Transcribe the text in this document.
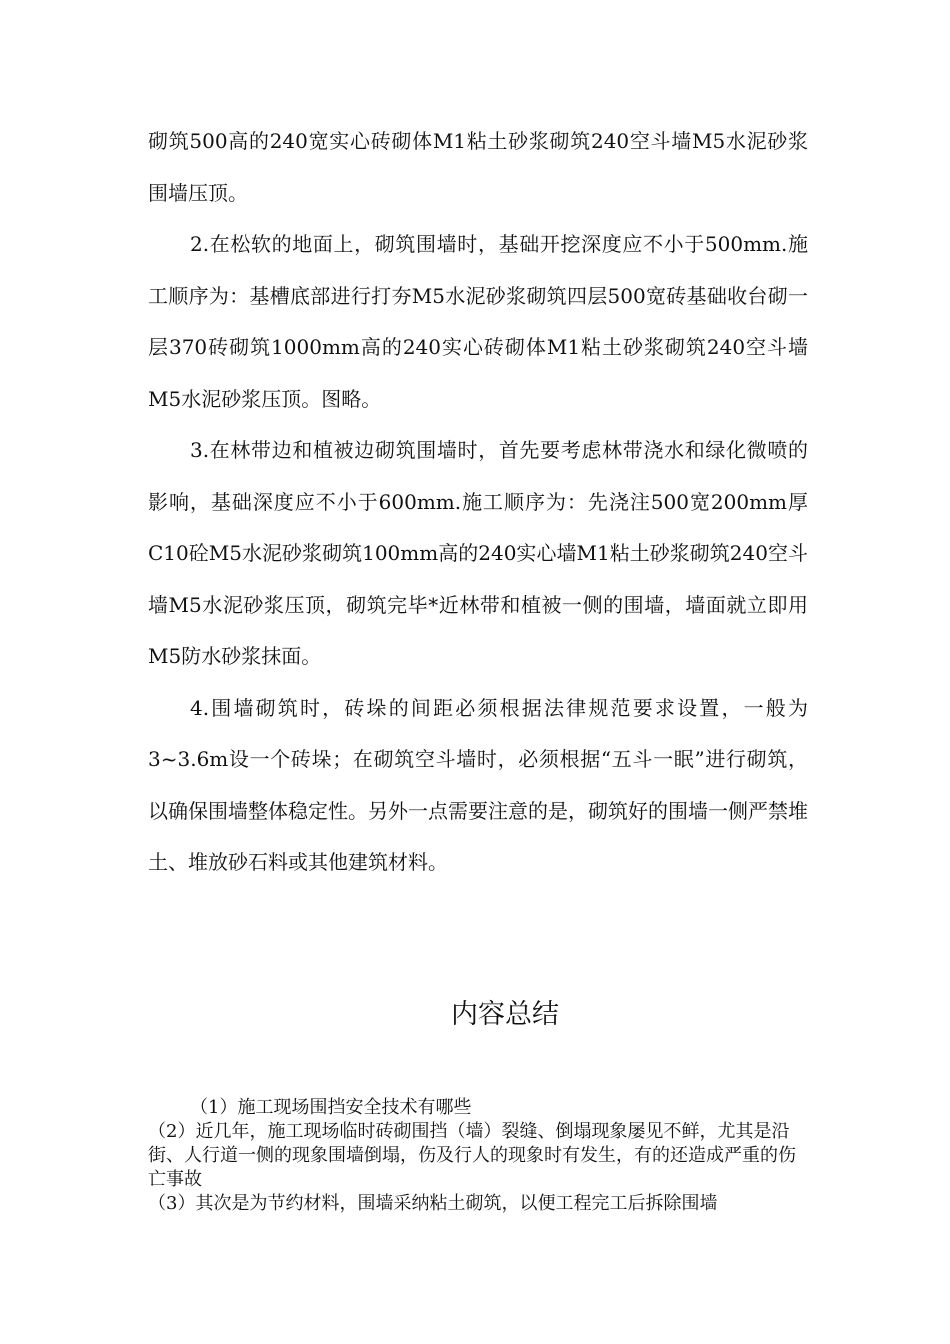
砌筑500高的240宽实心砖砌体M1粘土砂浆砌筑240空斗墙M5水泥砂浆围墙压顶。

2.在松软的地面上，砌筑围墙时，基础开挖深度应不小于500mm.施工顺序为：基槽底部进行打夯M5水泥砂浆砌筑四层500宽砖基础收台砌一层370砖砌筑1000mm高的240实心砖砌体M1粘土砂浆砌筑240空斗墙M5水泥砂浆压顶。图略。

3.在林带边和植被边砌筑围墙时，首先要考虑林带浇水和绿化微喷的影响，基础深度应不小于600mm.施工顺序为：先浇注500宽200mm厚C10砼M5水泥砂浆砌筑100mm高的240实心墙M1粘土砂浆砌筑240空斗墙M5水泥砂浆压顶，砌筑完毕*近林带和植被一侧的围墙，墙面就立即用M5防水砂浆抹面。

4.围墙砌筑时，砖垛的间距必须根据法律规范要求设置，一般为3~3.6m设一个砖垛；在砌筑空斗墙时，必须根据“五斗一眠”进行砌筑，以确保围墙整体稳定性。另外一点需要注意的是，砌筑好的围墙一侧严禁堆土、堆放砂石料或其他建筑材料。

内容总结

（1）施工现场围挡安全技术有哪些

（2）近几年，施工现场临时砖砌围挡（墙）裂缝、倒塌现象屡见不鲜，尤其是沿街、人行道一侧的现象围墙倒塌，伤及行人的现象时有发生，有的还造成严重的伤亡事故

（3）其次是为节约材料，围墙采纳粘土砌筑，以便工程完工后拆除围墙
